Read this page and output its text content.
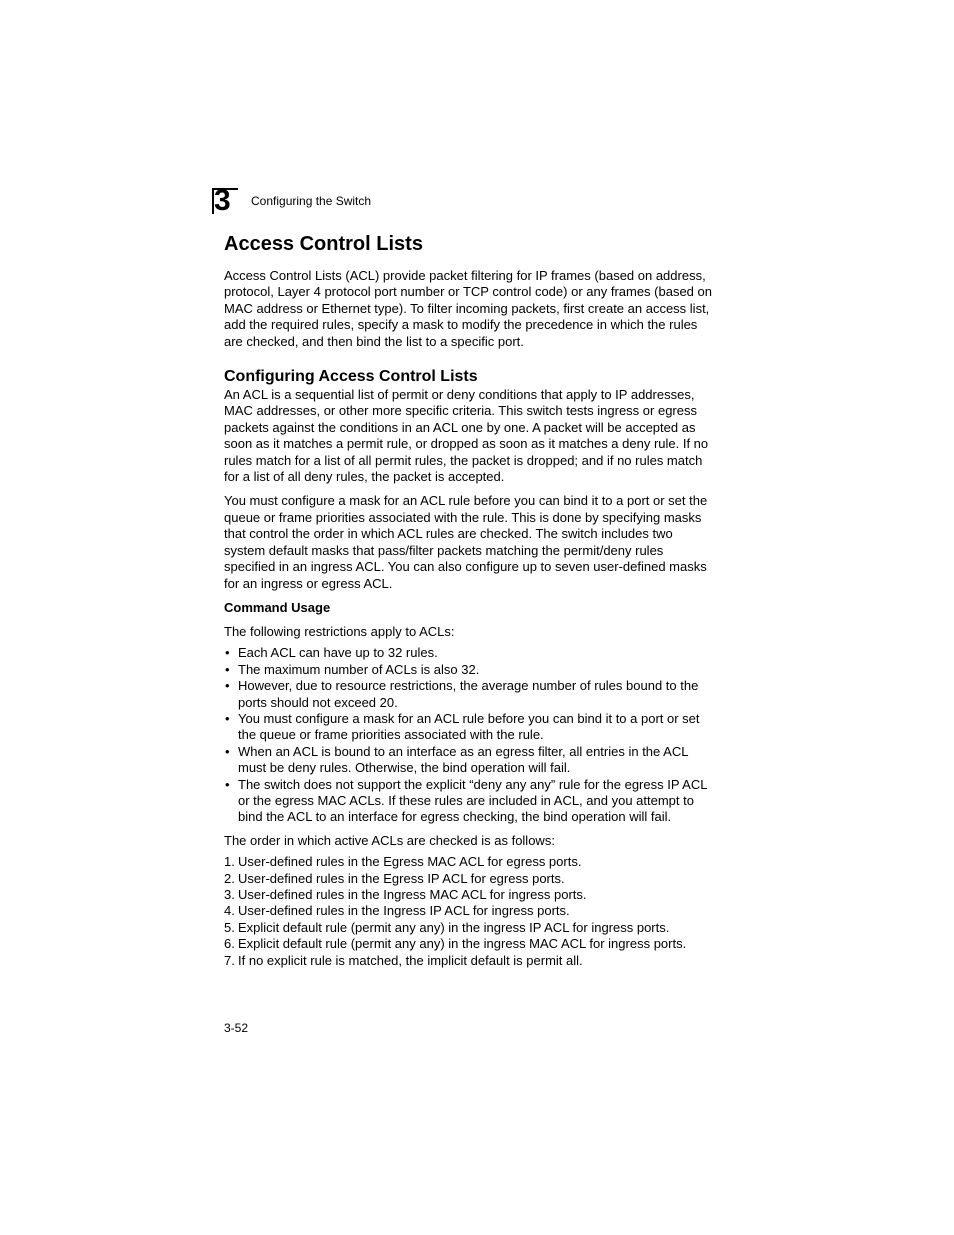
3 Configuring the Switch
Access Control Lists

Access Control Lists (ACL) provide packet filtering for IP frames (based on address, protocol, Layer 4 protocol port number or TCP control code) or any frames (based on MAC address or Ethernet type). To filter incoming packets, first create an access list, add the required rules, specify a mask to modify the precedence in which the rules are checked, and then bind the list to a specific port.

Configuring Access Control Lists

An ACL is a sequential list of permit or deny conditions that apply to IP addresses, MAC addresses, or other more specific criteria. This switch tests ingress or egress packets against the conditions in an ACL one by one. A packet will be accepted as soon as it matches a permit rule, or dropped as soon as it matches a deny rule. If no rules match for a list of all permit rules, the packet is dropped; and if no rules match for a list of all deny rules, the packet is accepted.

You must configure a mask for an ACL rule before you can bind it to a port or set the queue or frame priorities associated with the rule. This is done by specifying masks that control the order in which ACL rules are checked. The switch includes two system default masks that pass/filter packets matching the permit/deny rules specified in an ingress ACL. You can also configure up to seven user-defined masks for an ingress or egress ACL.

Command Usage

The following restrictions apply to ACLs:

• Each ACL can have up to 32 rules.
• The maximum number of ACLs is also 32.
• However, due to resource restrictions, the average number of rules bound to the ports should not exceed 20.
• You must configure a mask for an ACL rule before you can bind it to a port or set the queue or frame priorities associated with the rule.
• When an ACL is bound to an interface as an egress filter, all entries in the ACL must be deny rules. Otherwise, the bind operation will fail.
• The switch does not support the explicit “deny any any” rule for the egress IP ACL or the egress MAC ACLs. If these rules are included in ACL, and you attempt to bind the ACL to an interface for egress checking, the bind operation will fail.

The order in which active ACLs are checked is as follows:

1. User-defined rules in the Egress MAC ACL for egress ports.
2. User-defined rules in the Egress IP ACL for egress ports.
3. User-defined rules in the Ingress MAC ACL for ingress ports.
4. User-defined rules in the Ingress IP ACL for ingress ports.
5. Explicit default rule (permit any any) in the ingress IP ACL for ingress ports.
6. Explicit default rule (permit any any) in the ingress MAC ACL for ingress ports.
7. If no explicit rule is matched, the implicit default is permit all.
3-52
